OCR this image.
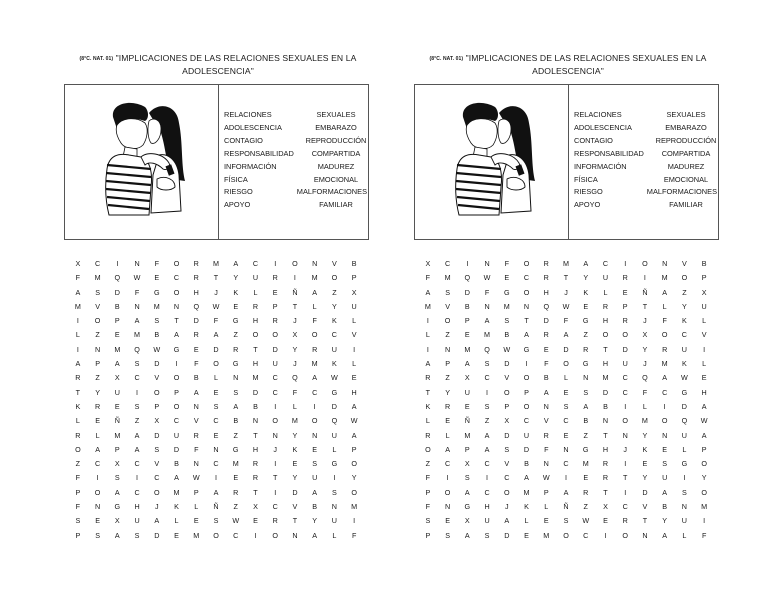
(8°C. NAT. 01) "IMPLICACIONES DE LAS RELACIONES SEXUALES EN LA
ADOLESCENCIA"
RELACIONES	SEXUALES
ADOLESCENCIA	EMBARAZO
CONTAGIO	REPRODUCCIÓN
RESPONSABILIDAD	COMPARTIDA
INFORMACIÓN	MADUREZ
FÍSICA	EMOCIONAL
RIESGO	MALFORMACIONES
APOYO	FAMILIAR
X	C	I	N	F	O	R	M	A	C	I	O	N	V	B
F	M	Q	W	E	C	R	T	Y	U	R	I	M	O	P
A	S	D	F	G	O	H	J	K	L	E	Ñ	A	Z	X
M	V	B	N	M	N	Q	W	E	R	P	T	L	Y	U
I	O	P	A	S	T	D	F	G	H	R	J	F	K	L
L	Z	E	M	B	A	R	A	Z	O	O	X	O	C	V
I	N	M	Q	W	G	E	D	R	T	D	Y	R	U	I
A	P	A	S	D	I	F	O	G	H	U	J	M	K	L
R	Z	X	C	V	O	B	L	N	M	C	Q	A	W	E
T	Y	U	I	O	P	A	E	S	D	C	F	C	G	H
K	R	E	S	P	O	N	S	A	B	I	L	I	D	A
L	E	Ñ	Z	X	C	V	C	B	N	O	M	O	Q	W
R	L	M	A	D	U	R	E	Z	T	N	Y	N	U	A
O	A	P	A	S	D	F	N	G	H	J	K	E	L	P
Z	C	X	C	V	B	N	C	M	R	I	E	S	G	O
F	I	S	I	C	A	W	I	E	R	T	Y	U	I	Y
P	O	A	C	O	M	P	A	R	T	I	D	A	S	O
F	N	G	H	J	K	L	Ñ	Z	X	C	V	B	N	M
S	E	X	U	A	L	E	S	W	E	R	T	Y	U	I
P	S	A	S	D	E	M	O	C	I	O	N	A	L	F
(8°C. NAT. 01) "IMPLICACIONES DE LAS RELACIONES SEXUALES EN LA
ADOLESCENCIA"
RELACIONES	SEXUALES
ADOLESCENCIA	EMBARAZO
CONTAGIO	REPRODUCCIÓN
RESPONSABILIDAD	COMPARTIDA
INFORMACIÓN	MADUREZ
FÍSICA	EMOCIONAL
RIESGO	MALFORMACIONES
APOYO	FAMILIAR
X	C	I	N	F	O	R	M	A	C	I	O	N	V	B
F	M	Q	W	E	C	R	T	Y	U	R	I	M	O	P
A	S	D	F	G	O	H	J	K	L	E	Ñ	A	Z	X
M	V	B	N	M	N	Q	W	E	R	P	T	L	Y	U
I	O	P	A	S	T	D	F	G	H	R	J	F	K	L
L	Z	E	M	B	A	R	A	Z	O	O	X	O	C	V
I	N	M	Q	W	G	E	D	R	T	D	Y	R	U	I
A	P	A	S	D	I	F	O	G	H	U	J	M	K	L
R	Z	X	C	V	O	B	L	N	M	C	Q	A	W	E
T	Y	U	I	O	P	A	E	S	D	C	F	C	G	H
K	R	E	S	P	O	N	S	A	B	I	L	I	D	A
L	E	Ñ	Z	X	C	V	C	B	N	O	M	O	Q	W
R	L	M	A	D	U	R	E	Z	T	N	Y	N	U	A
O	A	P	A	S	D	F	N	G	H	J	K	E	L	P
Z	C	X	C	V	B	N	C	M	R	I	E	S	G	O
F	I	S	I	C	A	W	I	E	R	T	Y	U	I	Y
P	O	A	C	O	M	P	A	R	T	I	D	A	S	O
F	N	G	H	J	K	L	Ñ	Z	X	C	V	B	N	M
S	E	X	U	A	L	E	S	W	E	R	T	Y	U	I
P	S	A	S	D	E	M	O	C	I	O	N	A	L	F
